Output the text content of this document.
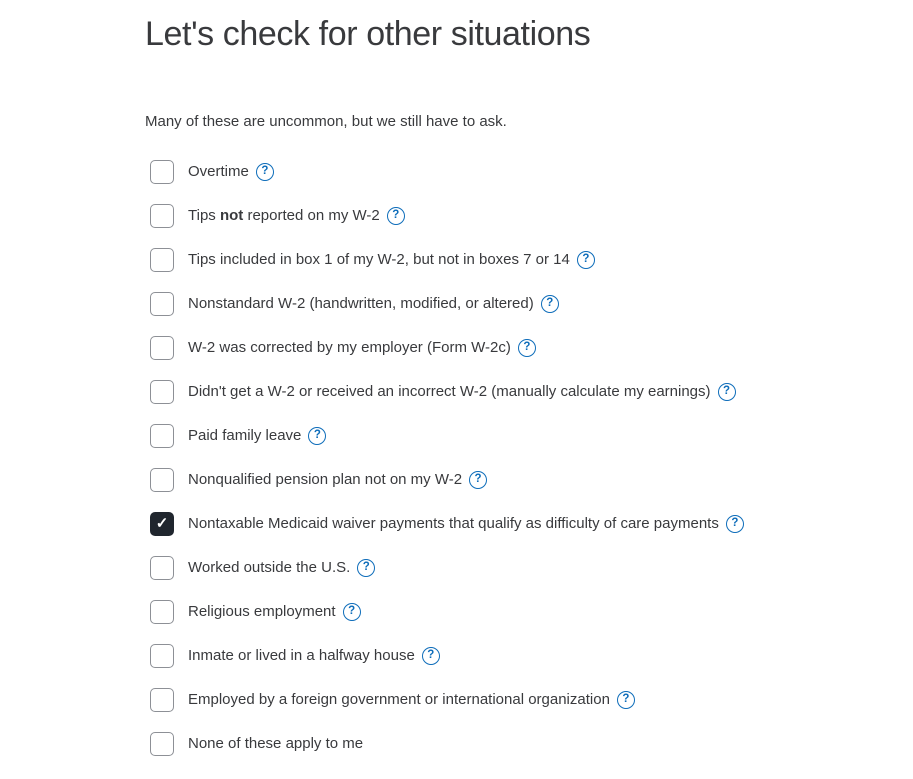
Let's check for other situations

Many of these are uncommon, but we still have to ask.

Overtime	?
Tips not reported on my W-2	?
Tips included in box 1 of my W-2, but not in boxes 7 or 14	?
Nonstandard W-2 (handwritten, modified, or altered)	?
W-2 was corrected by my employer (Form W-2c)	?
Didn't get a W-2 or received an incorrect W-2 (manually calculate my earnings)	?
Paid family leave	?
Nonqualified pension plan not on my W-2	?
✓ Nontaxable Medicaid waiver payments that qualify as difficulty of care payments	?
Worked outside the U.S.	?
Religious employment	?
Inmate or lived in a halfway house	?
Employed by a foreign government or international organization	?
None of these apply to me
